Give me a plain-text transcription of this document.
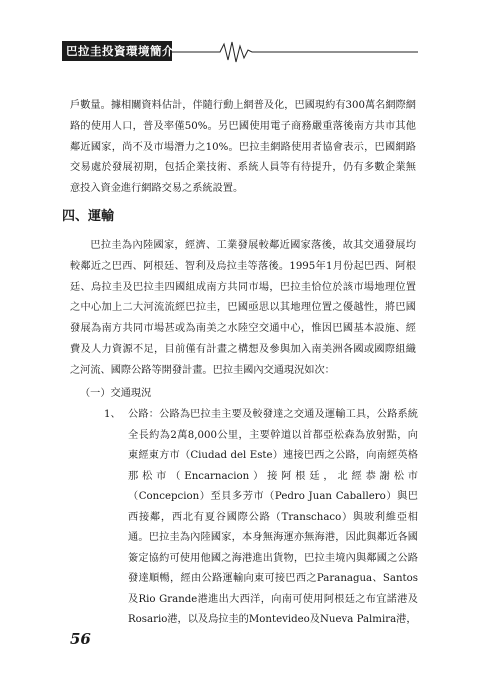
巴拉圭投資環境簡介
戶數量。據相關資料估計，伴隨行動上網普及化，巴國現約有300萬名網際網路的使用人口，普及率僅50%。另巴國使用電子商務嚴重落後南方共市其他鄰近國家，尚不及市場潛力之10%。巴拉圭網路使用者協會表示，巴國網路交易處於發展初期，包括企業技術、系統人員等有待提升，仍有多數企業無意投入資金進行網路交易之系統設置。
四、運輸
巴拉圭為內陸國家，經濟、工業發展較鄰近國家落後，故其交通發展均較鄰近之巴西、阿根廷、智利及烏拉圭等落後。1995年1月份起巴西、阿根廷、烏拉圭及巴拉圭四國組成南方共同市場，巴拉圭恰位於該市場地理位置之中心加上二大河流流經巴拉圭，巴國亟思以其地理位置之優越性，將巴國發展為南方共同市場甚或為南美之水陸空交通中心，惟因巴國基本設施、經費及人力資源不足，目前僅有計畫之構想及參與加入南美洲各國或國際組織之河流、國際公路等開發計畫。巴拉圭國內交通現況如次：
（一）交通現況
1、 公路：公路為巴拉圭主要及較發達之交通及運輸工具，公路系統全長約為2萬8,000公里，主要幹道以首都亞松森為放射點，向東經東方市（Ciudad del Este）連接巴西之公路，向南經英格那松市（Encarnacion）接阿根廷，北經恭謝松市（Concepcion）至貝多芳市（Pedro Juan Caballero）與巴西接鄰，西北有夏谷國際公路（Transchaco）與玻利維亞相通。巴拉圭為內陸國家，本身無海運亦無海港，因此與鄰近各國簽定協約可使用他國之海港進出貨物，巴拉圭境內與鄰國之公路發達順暢，經由公路運輸向東可接巴西之Paranagua、Santos及Rio Grande港進出大西洋，向南可使用阿根廷之布宜諾港及Rosario港，以及烏拉圭的Montevideo及Nueva Palmira港，
56
